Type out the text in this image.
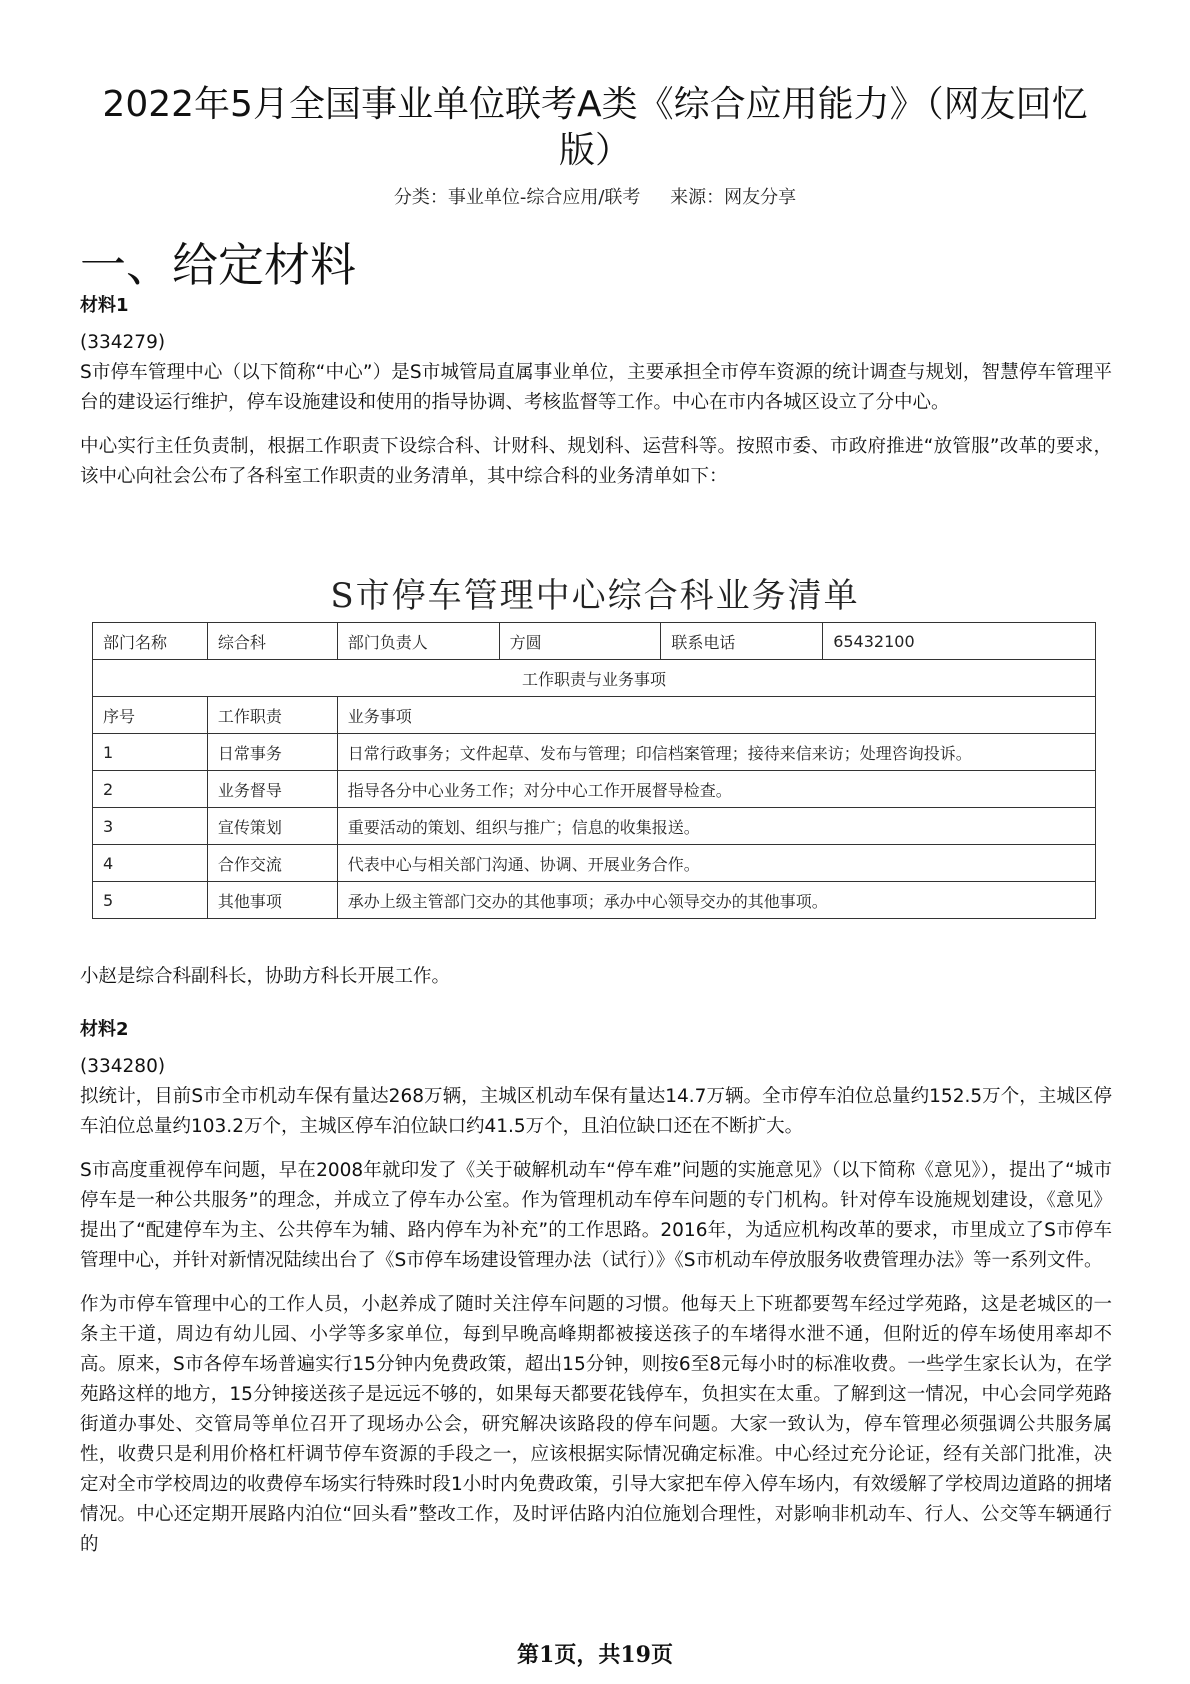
2022年5月全国事业单位联考A类《综合应用能力》（网友回忆版）
分类：事业单位-综合应用/联考 来源：网友分享
一、给定材料
材料1

(334279)

S市停车管理中心（以下简称“中心”）是S市城管局直属事业单位，主要承担全市停车资源的统计调查与规划，智慧停车管理平台的建设运行维护，停车设施建设和使用的指导协调、考核监督等工作。中心在市内各城区设立了分中心。

中心实行主任负责制，根据工作职责下设综合科、计财科、规划科、运营科等。按照市委、市政府推进“放管服”改革的要求，该中心向社会公布了各科室工作职责的业务清单，其中综合科的业务清单如下：

S市停车管理中心综合科业务清单
部门名称	综合科	部门负责人	方圆	联系电话	65432100
工作职责与业务事项					
序号	工作职责	业务事项			
1	日常事务	日常行政事务；文件起草、发布与管理；印信档案管理；接待来信来访；处理咨询投诉。			
2	业务督导	指导各分中心业务工作；对分中心工作开展督导检查。			
3	宣传策划	重要活动的策划、组织与推广；信息的收集报送。			
4	合作交流	代表中心与相关部门沟通、协调、开展业务合作。			
5	其他事项	承办上级主管部门交办的其他事项；承办中心领导交办的其他事项。			

小赵是综合科副科长，协助方科长开展工作。

材料2

(334280)

拟统计，目前S市全市机动车保有量达268万辆，主城区机动车保有量达14.7万辆。全市停车泊位总量约152.5万个，主城区停车泊位总量约103.2万个，主城区停车泊位缺口约41.5万个，且泊位缺口还在不断扩大。

S市高度重视停车问题，早在2008年就印发了《关于破解机动车“停车难”问题的实施意见》（以下简称《意见》），提出了“城市停车是一种公共服务”的理念，并成立了停车办公室。作为管理机动车停车问题的专门机构。针对停车设施规划建设，《意见》提出了“配建停车为主、公共停车为辅、路内停车为补充”的工作思路。2016年，为适应机构改革的要求，市里成立了S市停车管理中心，并针对新情况陆续出台了《S市停车场建设管理办法（试行）》《S市机动车停放服务收费管理办法》等一系列文件。

作为市停车管理中心的工作人员，小赵养成了随时关注停车问题的习惯。他每天上下班都要驾车经过学苑路，这是老城区的一条主干道，周边有幼儿园、小学等多家单位，每到早晚高峰期都被接送孩子的车堵得水泄不通，但附近的停车场使用率却不高。原来，S市各停车场普遍实行15分钟内免费政策，超出15分钟，则按6至8元每小时的标准收费。一些学生家长认为，在学苑路这样的地方，15分钟接送孩子是远远不够的，如果每天都要花钱停车，负担实在太重。了解到这一情况，中心会同学苑路街道办事处、交管局等单位召开了现场办公会，研究解决该路段的停车问题。大家一致认为，停车管理必须强调公共服务属性，收费只是利用价格杠杆调节停车资源的手段之一，应该根据实际情况确定标准。中心经过充分论证，经有关部门批准，决定对全市学校周边的收费停车场实行特殊时段1小时内免费政策，引导大家把车停入停车场内，有效缓解了学校周边道路的拥堵情况。中心还定期开展路内泊位“回头看”整改工作，及时评估路内泊位施划合理性，对影响非机动车、行人、公交等车辆通行的

第1页，共19页
